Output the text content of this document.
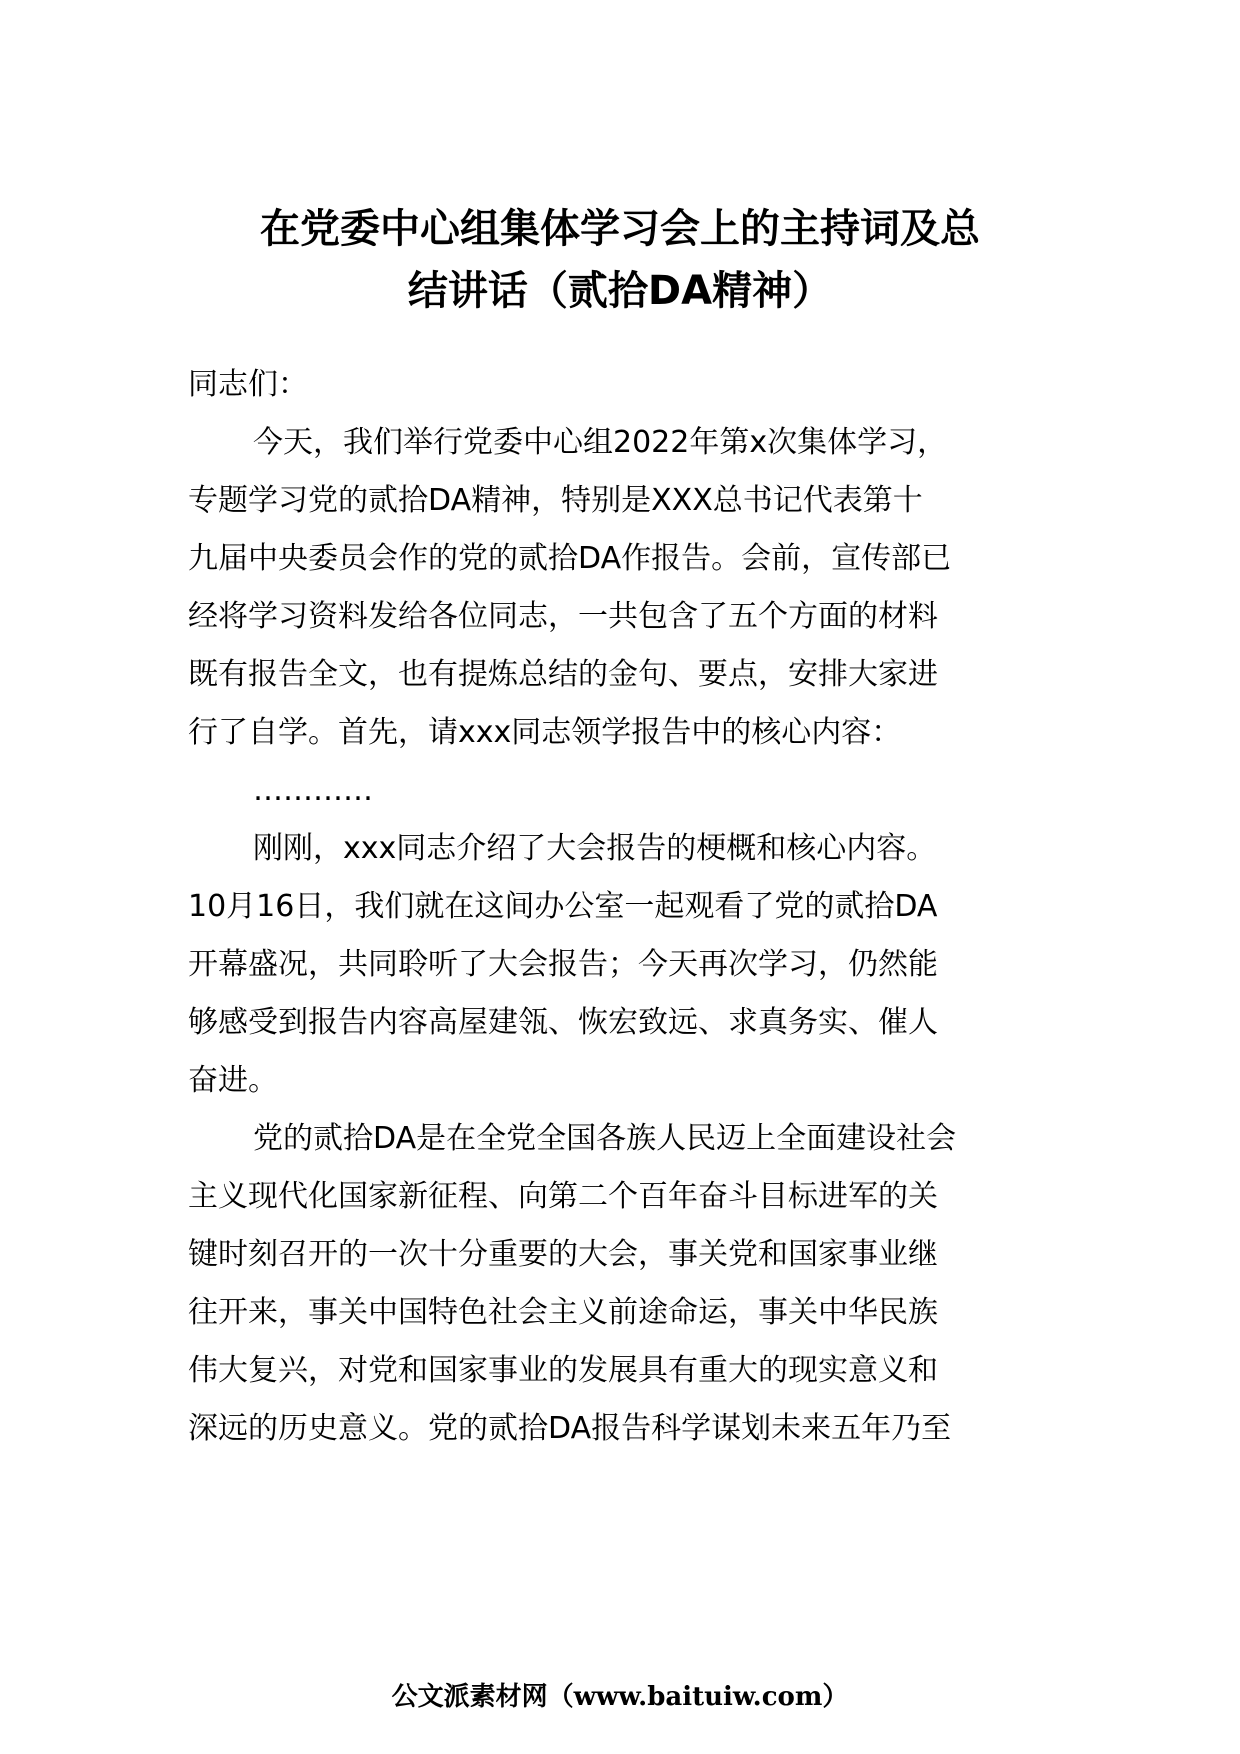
在党委中心组集体学习会上的主持词及总
结讲话（贰拾DA精神）
同志们：
今天，我们举行党委中心组2022年第x次集体学习，
专题学习党的贰拾DA精神，特别是XXX总书记代表第十
九届中央委员会作的党的贰拾DA作报告。会前，宣传部已
经将学习资料发给各位同志，一共包含了五个方面的材料
既有报告全文，也有提炼总结的金句、要点，安排大家进
行了自学。首先，请xxx同志领学报告中的核心内容：
…………
刚刚，xxx同志介绍了大会报告的梗概和核心内容。
10月16日，我们就在这间办公室一起观看了党的贰拾DA
开幕盛况，共同聆听了大会报告；今天再次学习，仍然能
够感受到报告内容高屋建瓴、恢宏致远、求真务实、催人
奋进。
党的贰拾DA是在全党全国各族人民迈上全面建设社会
主义现代化国家新征程、向第二个百年奋斗目标进军的关
键时刻召开的一次十分重要的大会，事关党和国家事业继
往开来，事关中国特色社会主义前途命运，事关中华民族
伟大复兴，对党和国家事业的发展具有重大的现实意义和
深远的历史意义。党的贰拾DA报告科学谋划未来五年乃至
公文派素材网（www.baituiw.com）
